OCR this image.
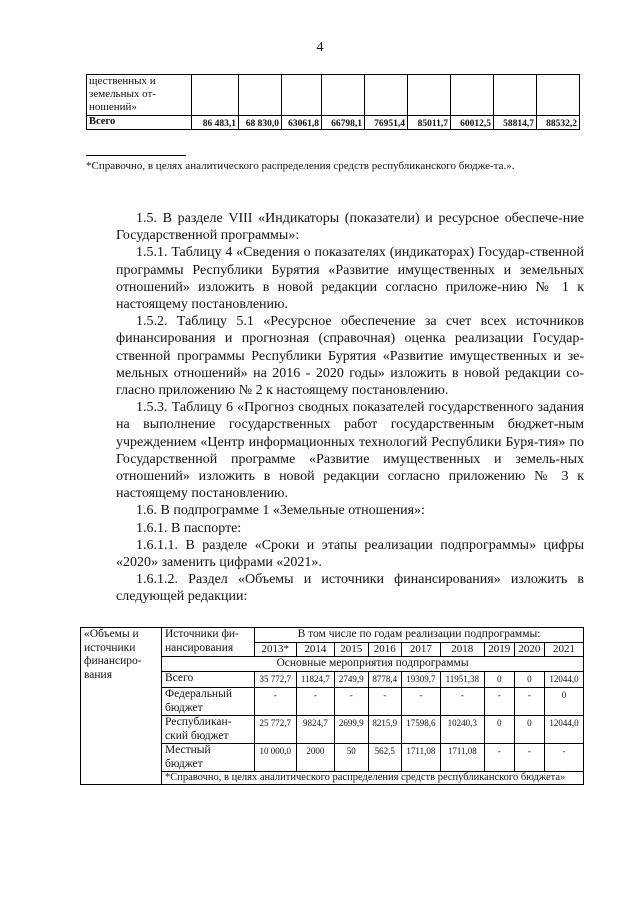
4
щественных и земельных от-ношений»									
Всего	86 483,1	68 830,0	63061,8	66798,1	76951,4	85011,7	60012,5	58814,7	88532,2
*Справочно, в целях аналитического распределения средств республиканского бюдже-та.».

1.5. В разделе VIII «Индикаторы (показатели) и ресурсное обеспече-ние Государственной программы»:

1.5.1. Таблицу 4 «Сведения о показателях (индикаторах) Государ-ственной программы Республики Бурятия «Развитие имущественных и земельных отношений» изложить в новой редакции согласно приложе-нию № 1 к настоящему постановлению.

1.5.2. Таблицу 5.1 «Ресурсное обеспечение за счет всех источников финансирования и прогнозная (справочная) оценка реализации Государ-ственной программы Республики Бурятия «Развитие имущественных и зе-мельных отношений» на 2016 - 2020 годы» изложить в новой редакции со-гласно приложению № 2 к настоящему постановлению.

1.5.3. Таблицу 6 «Прогноз сводных показателей государственного задания на выполнение государственных работ государственным бюджет-ным учреждением «Центр информационных технологий Республики Буря-тия» по Государственной программе «Развитие имущественных и земель-ных отношений» изложить в новой редакции согласно приложению № 3 к настоящему постановлению.

1.6. В подпрограмме 1 «Земельные отношения»:

1.6.1. В паспорте:

1.6.1.1. В разделе «Сроки и этапы реализации подпрограммы» цифры «2020» заменить цифрами «2021».

1.6.1.2. Раздел «Объемы и источники финансирования» изложить в следующей редакции:

«Объемы и источники финансиро-вания	Источники фи-нансирования	В том числе по годам реализации подпрограммы:								
		2013*	2014	2015	2016	2017	2018	2019	2020	2021
	Основные мероприятия подпрограммы									
	Всего	35 772,7	11824,7	2749,9	8778,4	19309,7	11951,38	0	0	12044,0
	Федеральный бюджет	-	-	-	-	-	-	-	-	0
	Республикан-ский бюджет	25 772,7	9824,7	2699,9	8215,9	17598,6	10240,3	0	0	12044,0
	Местный бюджет	10 000,0	2000	50	562,5	1711,08	1711,08	-	-	-
	*Справочно, в целях аналитического распределения средств республиканского бюджета»									
